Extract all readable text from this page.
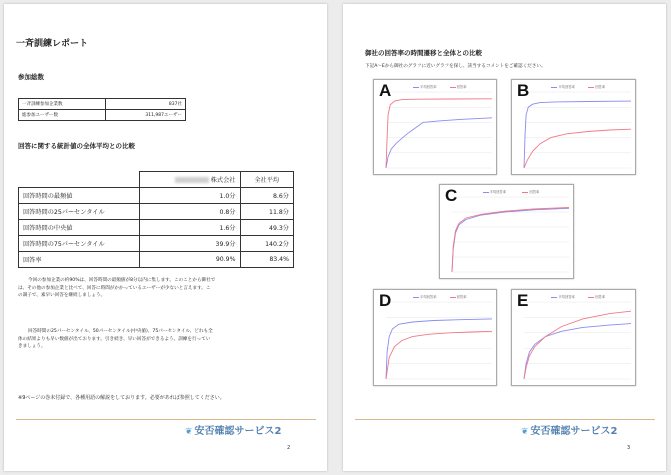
一斉訓練レポート
参加総数
一斉訓練参加企業数	837社
総参加ユーザー数	311,987ユーザー
回答に関する統計値の全体平均との比較
	株式会社	全社平均
回答時間の最頻値	1.0分	8.6分
回答時間の25パーセンタイル	0.8分	11.8分
回答時間の中央値	1.6分	49.3分
回答時間の75パーセンタイル	39.9分	140.2分
回答率	90.9%	83.4%
今回の参加企業の約90%は、回答時間の最頻値が8分以内に集します。このことから御社で
は、その他の参加企業と比べて、回答に時間がかかっているユーザーが少ないと言えます。こ
の調子で、素早い回答を継続しましょう。
回答時間の25パーセンタイル、50パーセンタイル(中央値)、75パーセンタイル、どれも全
体の結果よりも早い数値が出ております。引き続き、早い回答ができるよう、訓練を行ってい
きましょう。
※9ページの巻末付録で、各種用語の解説をしております。必要があれば参照してください。
❦ 安否確認サービス2
2
御社の回答率の時間遷移と全体との比較
下記A～Eから御社のグラフに近いグラフを探し、該当するコメントをご確認ください。
A	平均回答率	回答率	B	平均回答率	回答率
C	平均回答率	回答率
D	平均回答率	回答率	E	平均回答率	回答率
❦ 安否確認サービス2
3
